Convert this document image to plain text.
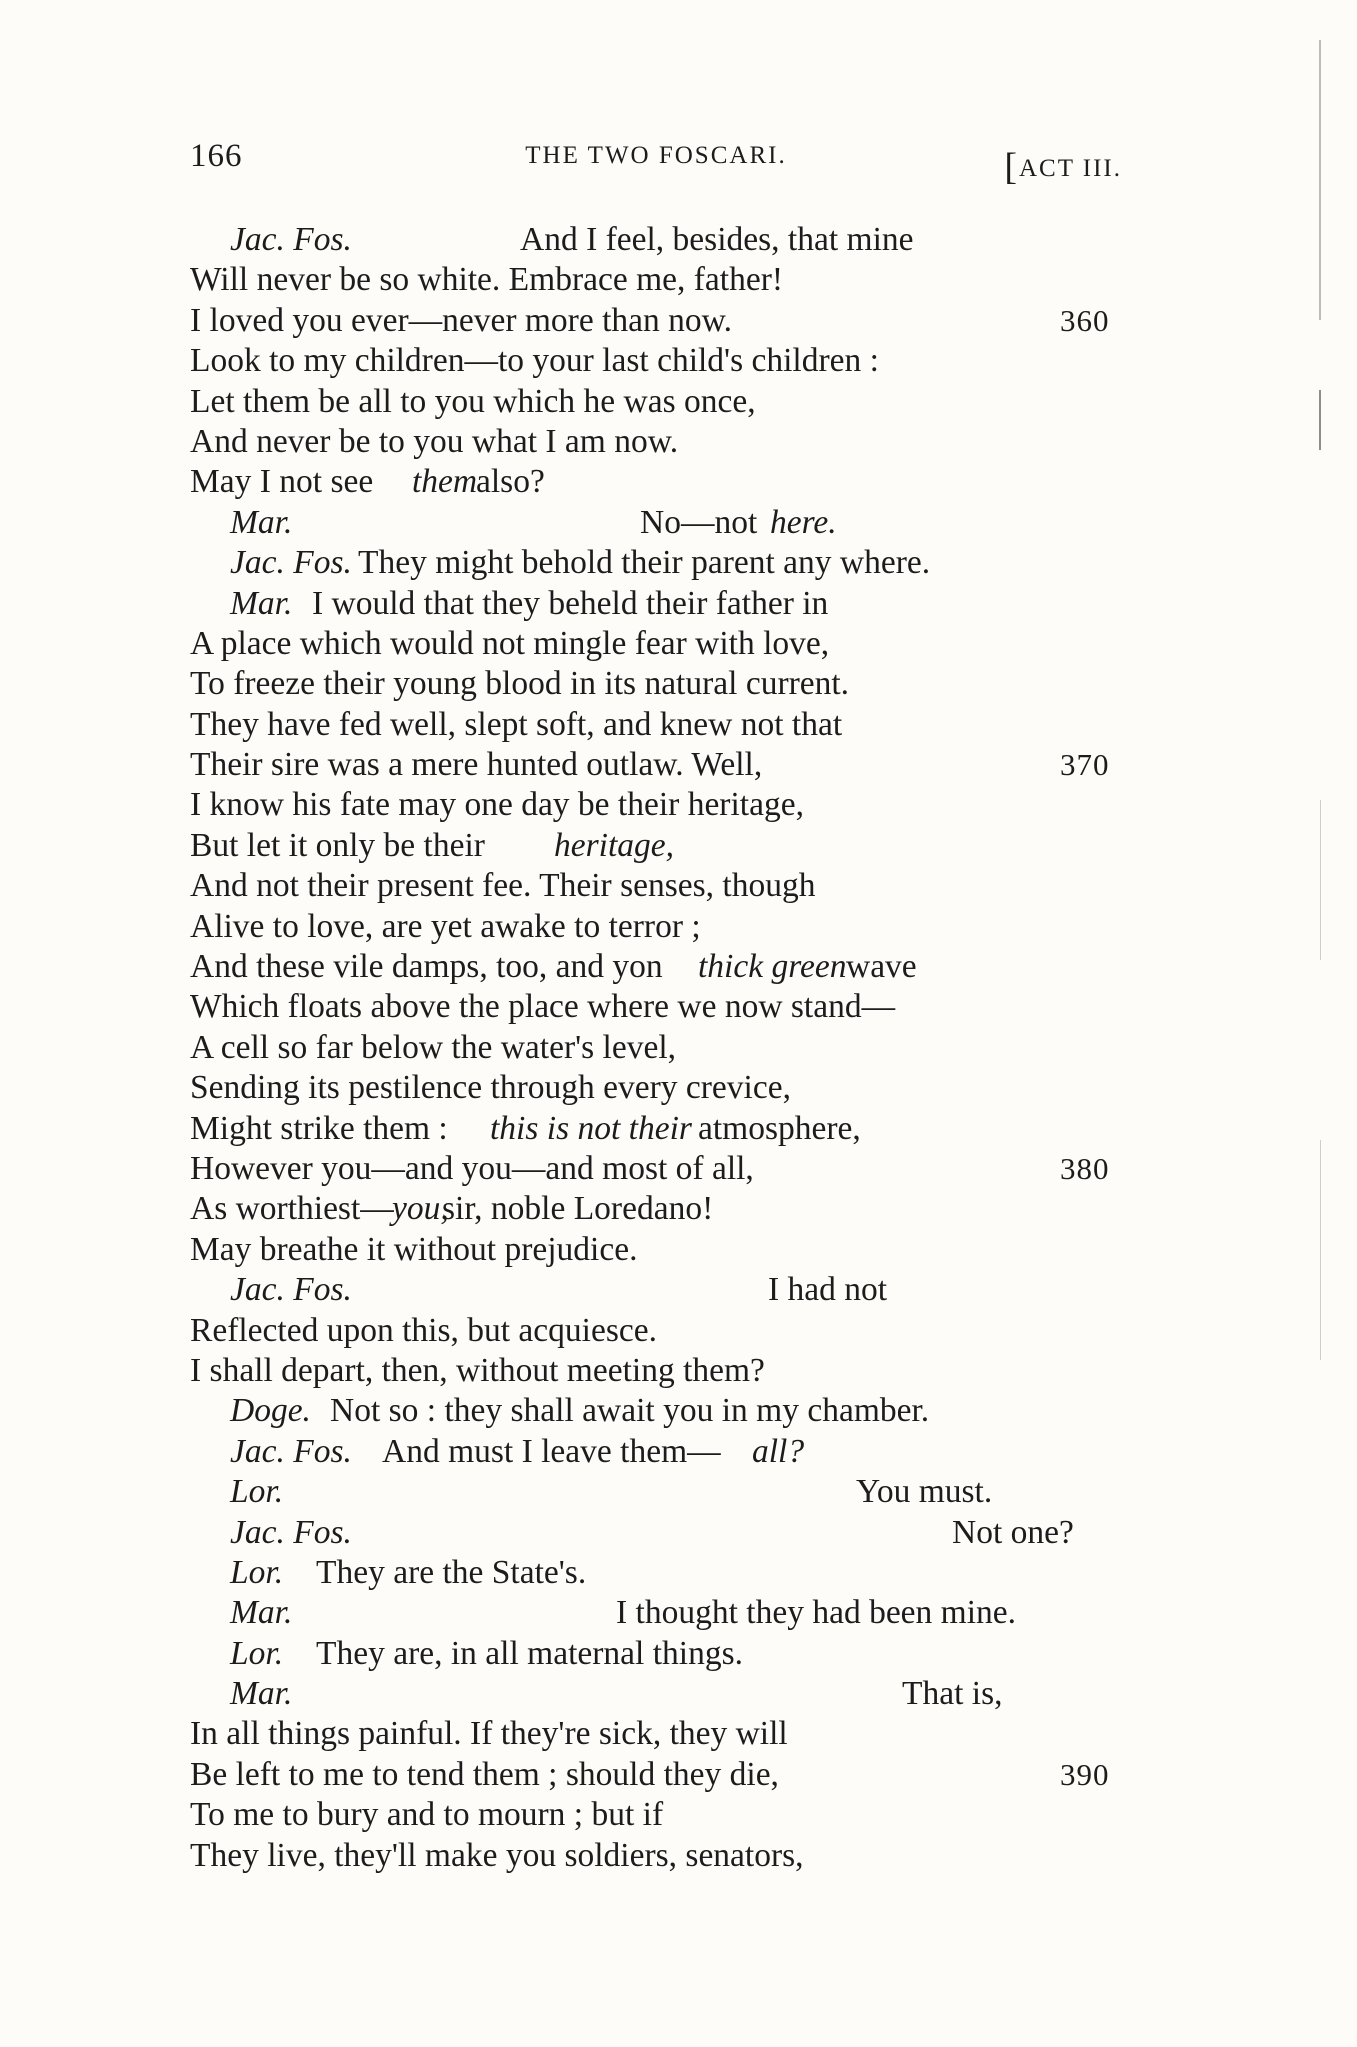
166	THE TWO FOSCARI.	[ACT III.
Jac. Fos.	And I feel, besides, that mine
Will never be so white. Embrace me, father!
I loved you ever—never more than now.	360
Look to my children—to your last child's children :
Let them be all to you which he was once,
And never be to you what I am now.
May I not see them
also?
Mar.	No—not here.
Jac. Fos. They might behold their parent any where.
Mar. I would that they beheld their father in
A place which would not mingle fear with love,
To freeze their young blood in its natural current.
They have fed well, slept soft, and knew not that
Their sire was a mere hunted outlaw. Well,	370
I know his fate may one day be their heritage,
But let it only be their heritage,
And not their present fee. Their senses, though
Alive to love, are yet awake to terror ;
And these vile damps, too, and yon thick green wave
Which floats above the place where we now stand—
A cell so far below the water's level,
Sending its pestilence through every crevice,
Might strike them : this is not their atmosphere,
However you—and you—and most of all,	380
As worthiest—
you,
sir, noble Loredano!
May breathe it without prejudice.
Jac. Fos.	I had not
Reflected upon this, but acquiesce.
I shall depart, then, without meeting them?
Doge. Not so : they shall await you in my chamber.
Jac. Fos. And must I leave them— all?
Lor.	You must.
Jac. Fos.	Not one?
Lor. They are the State's.
Mar.	I thought they had been mine.
Lor. They are, in all maternal things.
Mar.	That is,
In all things painful. If they're sick, they will
Be left to me to tend them ; should they die,	390
To me to bury and to mourn ; but if
They live, they'll make you soldiers, senators,
